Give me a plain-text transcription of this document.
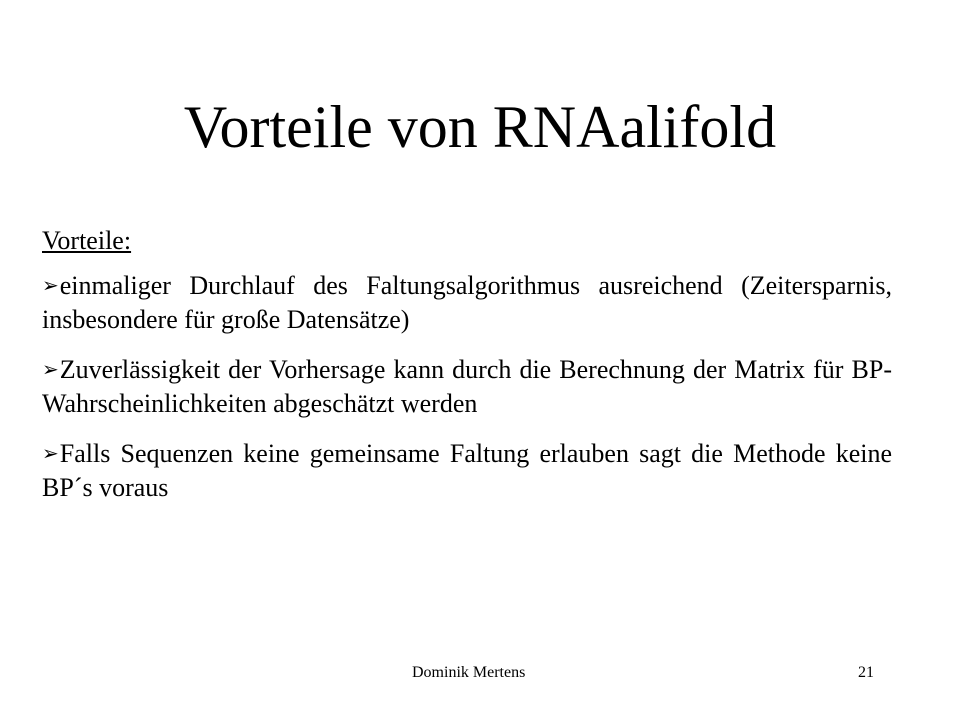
Vorteile von RNAalifold
Vorteile:
➢einmaliger Durchlauf des Faltungsalgorithmus ausreichend (Zeitersparnis, insbesondere für große Datensätze)
➢Zuverlässigkeit der Vorhersage kann durch die Berechnung der Matrix für BP-Wahrscheinlichkeiten abgeschätzt werden
➢Falls Sequenzen keine gemeinsame Faltung erlauben sagt die Methode keine BP´s voraus
Dominik Mertens	21
